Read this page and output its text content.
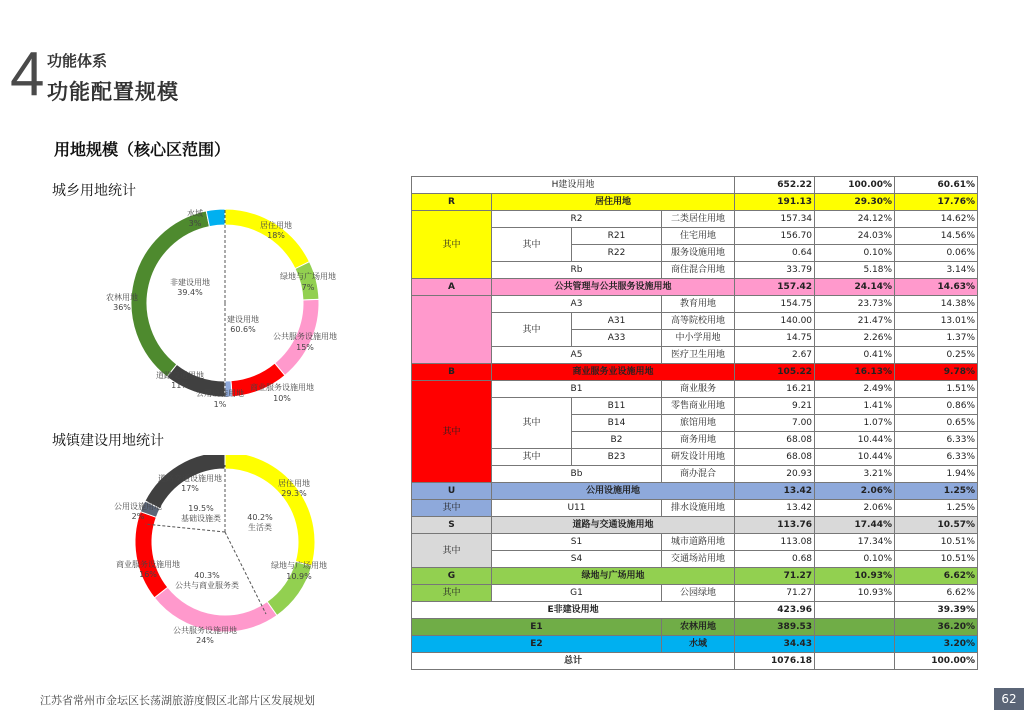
4 功能体系
功能配置规模
用地规模（核心区范围）
城乡用地统计
非建设用地
39.4%
建设用地
60.6%
居住用地
18%
绿地与广场用地
7%
公共服务设施用地
15%
商业服务设施用地
10%
公用设施用地
1%
道路交通用地
11%
农林用地
36%
水域
3%
城镇建设用地统计
40.2%
生活类
40.3%
公共与商业服务类
19.5%
基础设施类
居住用地
29.3%
绿地与广场用地
10.9%
公共服务设施用地
24%
商业服务设施用地
16%
公用设施用地
2%
道路交通设施用地
17%
H建设用地				652.22	100.00%	60.61%
R	居住用地			191.13	29.30%	17.76%
其中	R2		二类居住用地	157.34	24.12%	14.62%
	其中	R21	住宅用地	156.70	24.03%	14.56%
		R22	服务设施用地	0.64	0.10%	0.06%
	Rb		商住混合用地	33.79	5.18%	3.14%
A	公共管理与公共服务设施用地			157.42	24.14%	14.63%
	A3		教育用地	154.75	23.73%	14.38%
	其中	A31	高等院校用地	140.00	21.47%	13.01%
		A33	中小学用地	14.75	2.26%	1.37%
	A5		医疗卫生用地	2.67	0.41%	0.25%
B	商业服务业设施用地			105.22	16.13%	9.78%
其中	B1		商业服务	16.21	2.49%	1.51%
	其中	B11	零售商业用地	9.21	1.41%	0.86%
		B14	旅馆用地	7.00	1.07%	0.65%
		B2	商务用地	68.08	10.44%	6.33%
	其中	B23	研发设计用地	68.08	10.44%	6.33%
	Bb		商办混合	20.93	3.21%	1.94%
U	公用设施用地			13.42	2.06%	1.25%
其中	U11		排水设施用地	13.42	2.06%	1.25%
S	道路与交通设施用地			113.76	17.44%	10.57%
其中	S1		城市道路用地	113.08	17.34%	10.51%
	S4		交通场站用地	0.68	0.10%	10.51%
G	绿地与广场用地			71.27	10.93%	6.62%
其中	G1		公园绿地	71.27	10.93%	6.62%
E非建设用地				423.96		39.39%
E1			农林用地	389.53		36.20%
E2			水域	34.43		3.20%
总计				1076.18		100.00%
江苏省常州市金坛区长荡湖旅游度假区北部片区发展规划	62
